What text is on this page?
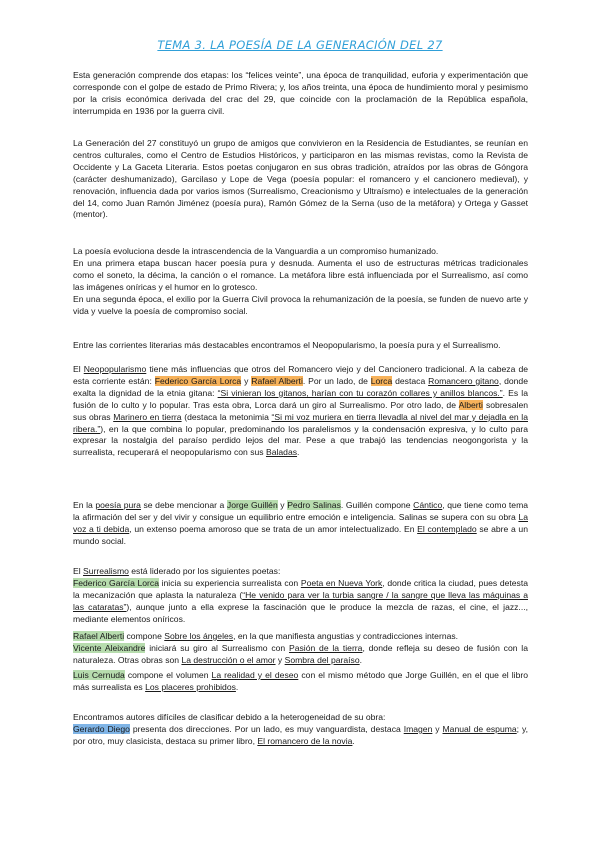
TEMA 3. LA POESÍA DE LA GENERACIÓN DEL 27

Esta generación comprende dos etapas: los “felices veinte”, una época de tranquilidad, euforia y experimentación que corresponde con el golpe de estado de Primo Rivera; y, los años treinta, una época de hundimiento moral y pesimismo por la crisis económica derivada del crac del 29, que coincide con la proclamación de la República española, interrumpida en 1936 por la guerra civil.

La Generación del 27 constituyó un grupo de amigos que convivieron en la Residencia de Estudiantes, se reunían en centros culturales, como el Centro de Estudios Históricos, y participaron en las mismas revistas, como la Revista de Occidente y La Gaceta Literaria. Estos poetas conjugaron en sus obras tradición, atraídos por las obras de Góngora (carácter deshumanizado), Garcilaso y Lope de Vega (poesía popular: el romancero y el cancionero medieval), y renovación, influencia dada por varios ismos (Surrealismo, Creacionismo y Ultraísmo) e intelectuales de la generación del 14, como Juan Ramón Jiménez (poesía pura), Ramón Gómez de la Serna (uso de la metáfora) y Ortega y Gasset (mentor).

La poesía evoluciona desde la intrascendencia de la Vanguardia a un compromiso humanizado.

En una primera etapa buscan hacer poesía pura y desnuda. Aumenta el uso de estructuras métricas tradicionales como el soneto, la décima, la canción o el romance. La metáfora libre está influenciada por el Surrealismo, así como las imágenes oníricas y el humor en lo grotesco.

En una segunda época, el exilio por la Guerra Civil provoca la rehumanización de la poesía, se funden de nuevo arte y vida y vuelve la poesía de compromiso social.

Entre las corrientes literarias más destacables encontramos el Neopopularismo, la poesía pura y el Surrealismo.

El Neopopularismo tiene más influencias que otros del Romancero viejo y del Cancionero tradicional. A la cabeza de esta corriente están: Federico García Lorca y Rafael Alberti. Por un lado, de Lorca destaca Romancero gitano, donde exalta la dignidad de la etnia gitana: “Si vinieran los gitanos, harían con tu corazón collares y anillos blancos.”. Es la fusión de lo culto y lo popular. Tras esta obra, Lorca dará un giro al Surrealismo. Por otro lado, de Alberti sobresalen sus obras Marinero en tierra (destaca la metonimia “Si mi voz muriera en tierra llevadla al nivel del mar y dejadla en la ribera.”), en la que combina lo popular, predominando los paralelismos y la condensación expresiva, y lo culto para expresar la nostalgia del paraíso perdido lejos del mar. Pese a que trabajó las tendencias neogongorista y la surrealista, recuperará el neopopularismo con sus Baladas.

En la poesía pura se debe mencionar a Jorge Guillén y Pedro Salinas. Guillén compone Cántico, que tiene como tema la afirmación del ser y del vivir y consigue un equilibrio entre emoción e inteligencia. Salinas se supera con su obra La voz a ti debida, un extenso poema amoroso que se trata de un amor intelectualizado. En El contemplado se abre a un mundo social.

El Surrealismo está liderado por los siguientes poetas:

Federico García Lorca inicia su experiencia surrealista con Poeta en Nueva York, donde critica la ciudad, pues detesta la mecanización que aplasta la naturaleza (“He venido para ver la turbia sangre / la sangre que lleva las máquinas a las cataratas”), aunque junto a ella exprese la fascinación que le produce la mezcla de razas, el cine, el jazz..., mediante elementos oníricos.

Rafael Alberti compone Sobre los ángeles, en la que manifiesta angustias y contradicciones internas.

Vicente Aleixandre iniciará su giro al Surrealismo con Pasión de la tierra, donde refleja su deseo de fusión con la naturaleza. Otras obras son La destrucción o el amor y Sombra del paraíso.

Luis Cernuda compone el volumen La realidad y el deseo con el mismo método que Jorge Guillén, en el que el libro más surrealista es Los placeres prohibidos.

Encontramos autores difíciles de clasificar debido a la heterogeneidad de su obra:

Gerardo Diego presenta dos direcciones. Por un lado, es muy vanguardista, destaca Imagen y Manual de espuma; y, por otro, muy clasicista, destaca su primer libro, El romancero de la novia.
